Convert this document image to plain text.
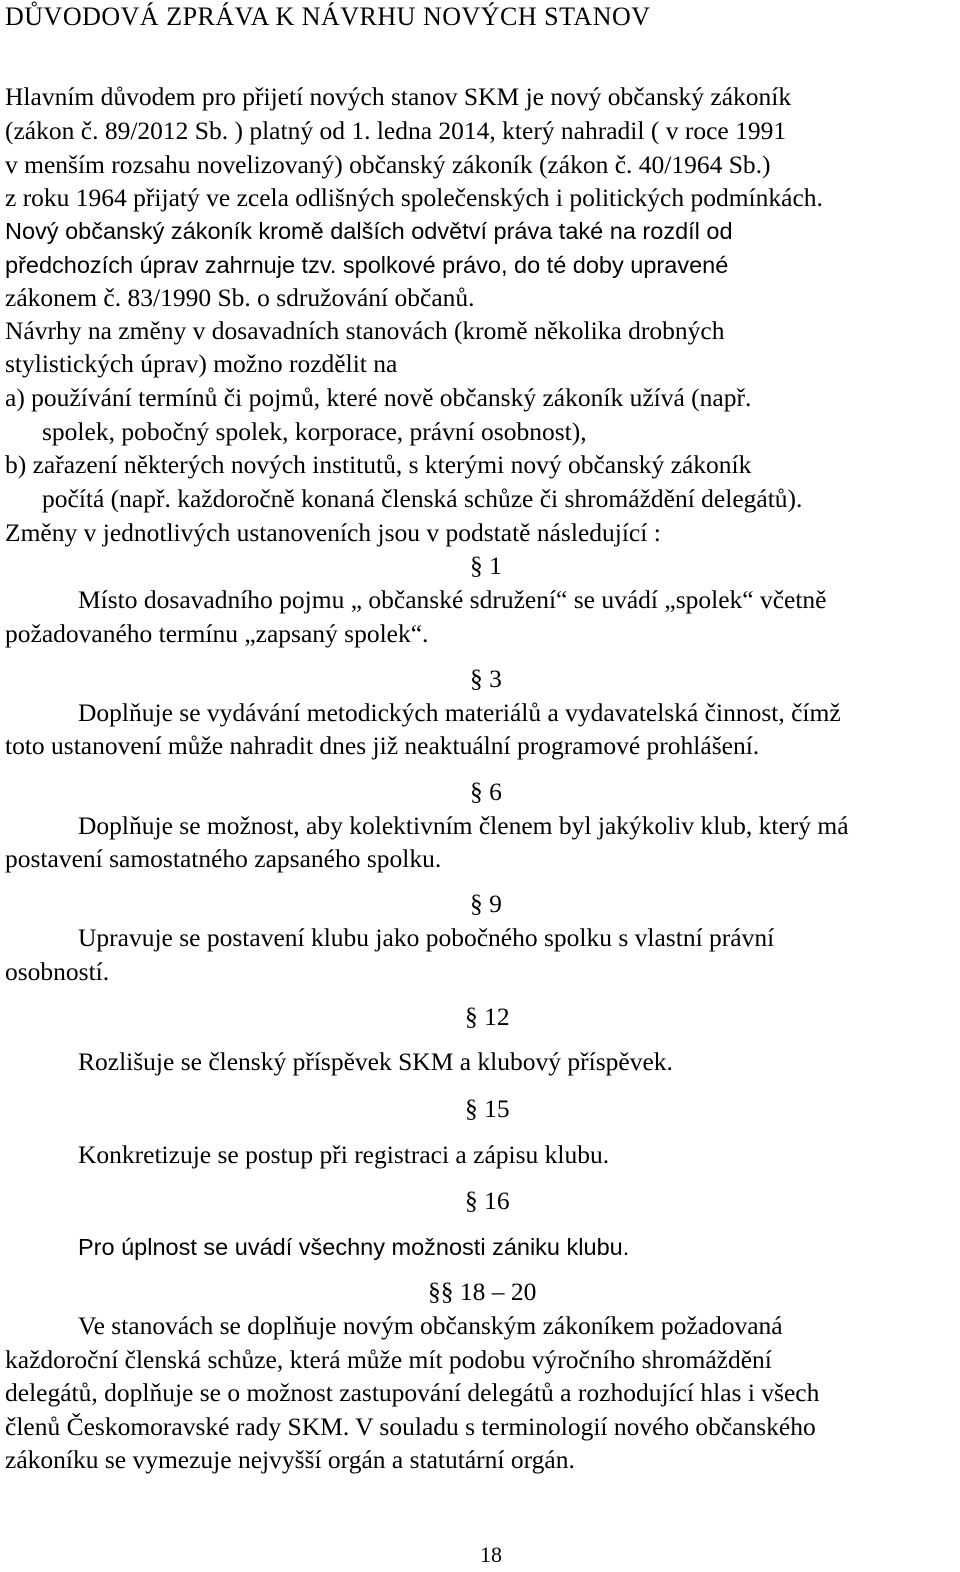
DŮVODOVÁ ZPRÁVA K NÁVRHU NOVÝCH STANOV
Hlavním důvodem pro přijetí nových stanov SKM je nový občanský zákoník
(zákon č. 89/2012 Sb. ) platný od 1. ledna 2014, který nahradil ( v roce 1991
v menším rozsahu novelizovaný) občanský zákoník (zákon č. 40/1964 Sb.)
z roku 1964 přijatý ve zcela odlišných společenských i politických podmínkách.
Nový občanský zákoník kromě dalších odvětví práva také na rozdíl od
předchozích úprav zahrnuje tzv. spolkové právo, do té doby upravené
zákonem č. 83/1990 Sb. o sdružování občanů.
Návrhy na změny v dosavadních stanovách (kromě několika drobných
stylistických úprav) možno rozdělit na
a) používání termínů či pojmů, které nově občanský zákoník užívá (např.
spolek, pobočný spolek, korporace, právní osobnost),
b) zařazení některých nových institutů, s kterými nový občanský zákoník
počítá (např. každoročně konaná členská schůze či shromáždění delegátů).
Změny v jednotlivých ustanoveních jsou v podstatě následující :
§ 1
Místo dosavadního pojmu „ občanské sdružení“ se uvádí „spolek“ včetně
požadovaného termínu „zapsaný spolek“.
§ 3
Doplňuje se vydávání metodických materiálů a vydavatelská činnost, čímž
toto ustanovení může nahradit dnes již neaktuální programové prohlášení.
§ 6
Doplňuje se možnost, aby kolektivním členem byl jakýkoliv klub, který má
postavení samostatného zapsaného spolku.
§ 9
Upravuje se postavení klubu jako pobočného spolku s vlastní právní
osobností.
§ 12
Rozlišuje se členský příspěvek SKM a klubový příspěvek.
§ 15
Konkretizuje se postup při registraci a zápisu klubu.
§ 16
Pro úplnost se uvádí všechny možnosti zániku klubu.
§§ 18 – 20
Ve stanovách se doplňuje novým občanským zákoníkem požadovaná
každoroční členská schůze, která může mít podobu výročního shromáždění
delegátů, doplňuje se o možnost zastupování delegátů a rozhodující hlas i všech
členů Českomoravské rady SKM. V souladu s terminologií nového občanského
zákoníku se vymezuje nejvyšší orgán a statutární orgán.
18
